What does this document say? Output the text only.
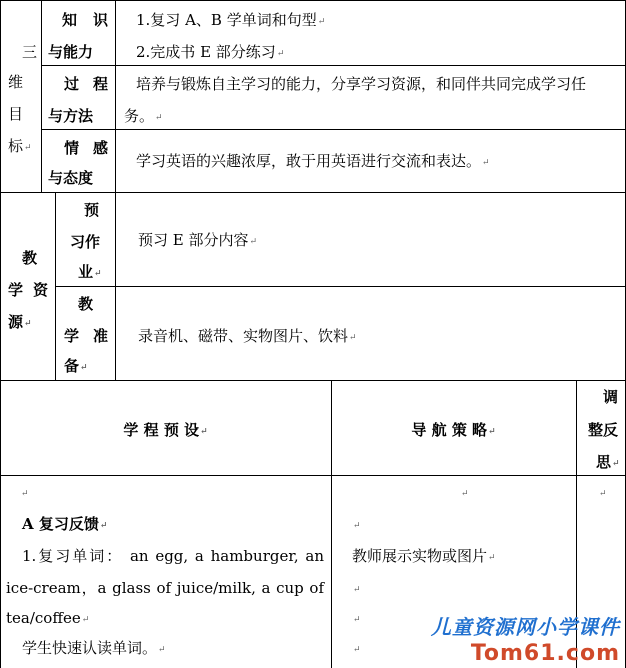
三
维
目
标↵
知识
与能力
1.复习 A、B 学单词和句型↵
2.完成书 E 部分练习↵
过程
与方法
培养与锻炼自主学习的能力，分享学习资源，和同伴共同完成学习任
务。↵
情感
与态度
学习英语的兴趣浓厚，敢于用英语进行交流和表达。↵
教
学 资
源↵
预
习作
业↵
预习 E 部分内容↵
教
学 准
备↵
录音机、磁带、实物图片、饮料↵
学 程 预 设↵	导 航 策 略↵
调
整反
思↵
↵
A 复习反馈↵
1.复习单词： an egg, a hamburger, an
ice-cream，a glass of juice/milk, a cup of
tea/coffee↵
学生快速认读单词。↵
↵
↵
教师展示实物或图片↵
↵
↵
↵
↵
儿童资源网小学课件
Tom61.com
